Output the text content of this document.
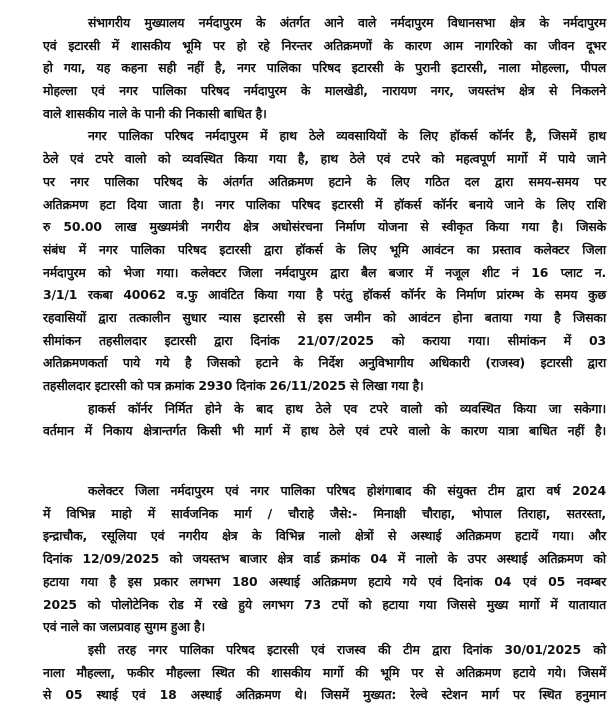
संभागरीय मुख्यालय नर्मदापुरम के अंतर्गत आने वाले नर्मदापुरम विधानसभा क्षेत्र के नर्मदापुरम
एवं इटारसी में शासकीय भूमि पर हो रहे निरन्तर अतिक्रमणों के कारण आम नागरिको का जीवन दूभर
हो गया, यह कहना सही नहीं है, नगर पालिका परिषद इटारसी के पुरानी इटारसी, नाला मोहल्ला, पीपल
मोहल्ला एवं नगर पालिका परिषद नर्मदापुरम के मालखेडी, नारायण नगर, जयस्तंभ क्षेत्र से निकलने
वाले शासकीय नाले के पानी की निकासी बाधित है।
नगर पालिका परिषद नर्मदापुरम में हाथ ठेले व्यवसायियों के लिए हॉकर्स कॉर्नर है, जिसमें हाथ
ठेले एवं टपरे वालो को व्यवस्थित किया गया है, हाथ ठेले एवं टपरे को महत्वपूर्ण मार्गो में पाये जाने
पर नगर पालिका परिषद के अंतर्गत अतिक्रमण हटाने के लिए गठित दल द्वारा समय-समय पर
अतिक्रमण हटा दिया जाता है। नगर पालिका परिषद इटारसी में हॉकर्स कॉर्नर बनाये जाने के लिए राशि
रु 50.00 लाख मुख्यमंत्री नगरीय क्षेत्र अधोसंरचना निर्माण योजना से स्वीकृत किया गया है। जिसके
संबंध में नगर पालिका परिषद इटारसी द्वारा हॉकर्स के लिए भूमि आवंटन का प्रस्ताव कलेक्टर जिला
नर्मदापुरम को भेजा गया। कलेक्टर जिला नर्मदापुरम द्वारा बैल बजार में नजूल शीट नं 16 प्लाट न.
3/1/1 रकबा 40062 व.फु आवंटित किया गया है परंतु हॉकर्स कॉर्नर के निर्माण प्रांरम्भ के समय कुछ
रहवासियों द्वारा तत्कालीन सुधार न्यास इटारसी से इस जमीन को आवंटन होना बताया गया है जिसका
सीमांकन तहसीलदार इटारसी द्वारा दिनांक 21/07/2025 को कराया गया। सीमांकन में 03
अतिक्रमणकर्ता पाये गये है जिसको हटाने के निर्देश अनुविभागीय अधिकारी (राजस्व) इटारसी द्वारा
तहसीलदार इटारसी को पत्र क्रमांक 2930 दिनांक 26/11/2025 से लिखा गया है।
हाकर्स कॉर्नर निर्मित होने के बाद हाथ ठेले एव टपरे वालो को व्यवस्थित किया जा सकेगा।
वर्तमान में निकाय क्षेत्रान्तर्गत किसी भी मार्ग में हाथ ठेले एवं टपरे वालो के कारण यात्रा बाधित नहीं है।
कलेक्टर जिला नर्मदापुरम एवं नगर पालिका परिषद होशंगाबाद की संयुक्त टीम द्वारा वर्ष 2024
में विभिन्न माहो में सार्वजनिक मार्ग / चौराहे जैसे:- मिनाक्षी चौराहा, भोपाल तिराहा, सतरस्ता,
इन्द्राचौक, रसूलिया एवं नगरीय क्षेत्र के विभिन्न नालो क्षेत्रों से अस्थाई अतिक्रमण हटायें गया। और
दिनांक 12/09/2025 को जयस्तभ बाजार क्षेत्र वार्ड क्रमांक 04 में नालो के उपर अस्थाई अतिक्रमण को
हटाया गया है इस प्रकार लगभग 180 अस्थाई अतिक्रमण हटाये गये एवं दिनांक 04 एवं 05 नवम्बर
2025 को पोलोटेनिक रोड में रखे हुये लगभग 73 टपों को हटाया गया जिससे मुख्य मार्गो में यातायात
एवं नाले का जलप्रवाह सुगम हुआ है।
इसी तरह नगर पालिका परिषद इटारसी एवं राजस्व की टीम द्वारा दिनांक 30/01/2025 को
नाला मौहल्ला, फकीर मौहल्ला स्थित की शासकीय मार्गो की भूमि पर से अतिक्रमण हटाये गये। जिसमें
से 05 स्थाई एवं 18 अस्थाई अतिक्रमण थे। जिसमें मुख्यत: रेल्वे स्टेशन मार्ग पर स्थित हनुमान
